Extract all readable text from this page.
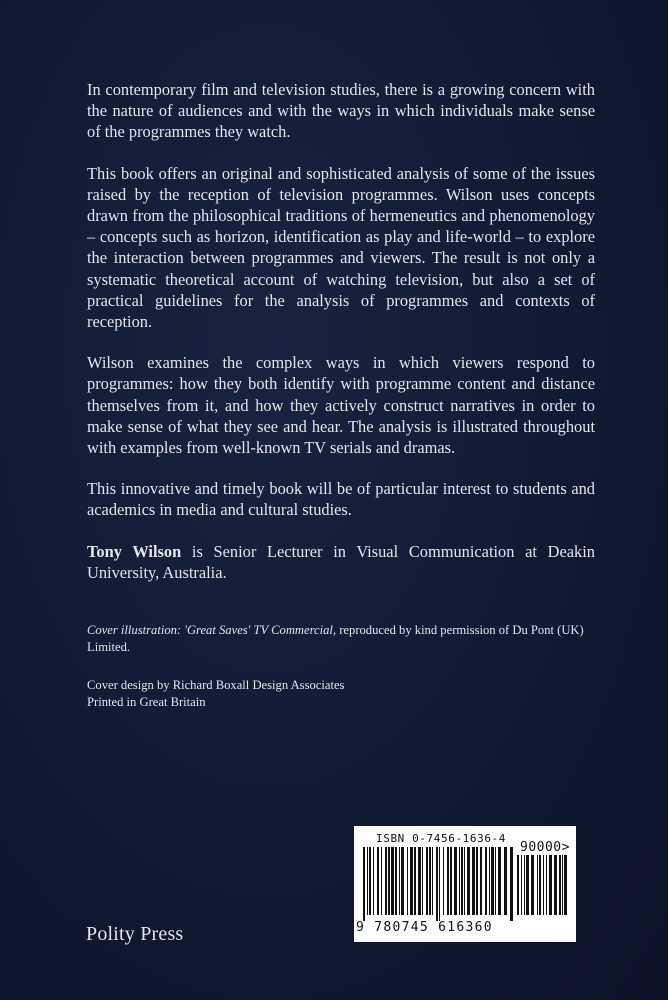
In contemporary film and television studies, there is a growing concern with the nature of audiences and with the ways in which individuals make sense of the programmes they watch.

This book offers an original and sophisticated analysis of some of the issues raised by the reception of television programmes. Wilson uses concepts drawn from the philosophical traditions of hermeneutics and phenomenology – concepts such as horizon, identification as play and life-world – to explore the interaction between programmes and viewers. The result is not only a systematic theoretical account of watching television, but also a set of practical guidelines for the analysis of programmes and contexts of reception.

Wilson examines the complex ways in which viewers respond to programmes: how they both identify with programme content and distance themselves from it, and how they actively construct narratives in order to make sense of what they see and hear. The analysis is illustrated throughout with examples from well-known TV serials and dramas.

This innovative and timely book will be of particular interest to students and academics in media and cultural studies.

Tony Wilson is Senior Lecturer in Visual Communication at Deakin University, Australia.

Cover illustration: 'Great Saves' TV Commercial, reproduced by kind permission of Du Pont (UK) Limited.

Cover design by Richard Boxall Design Associates

Printed in Great Britain

Polity Press
ISBN 0-7456-1636-4
90000>
9 780745 616360
